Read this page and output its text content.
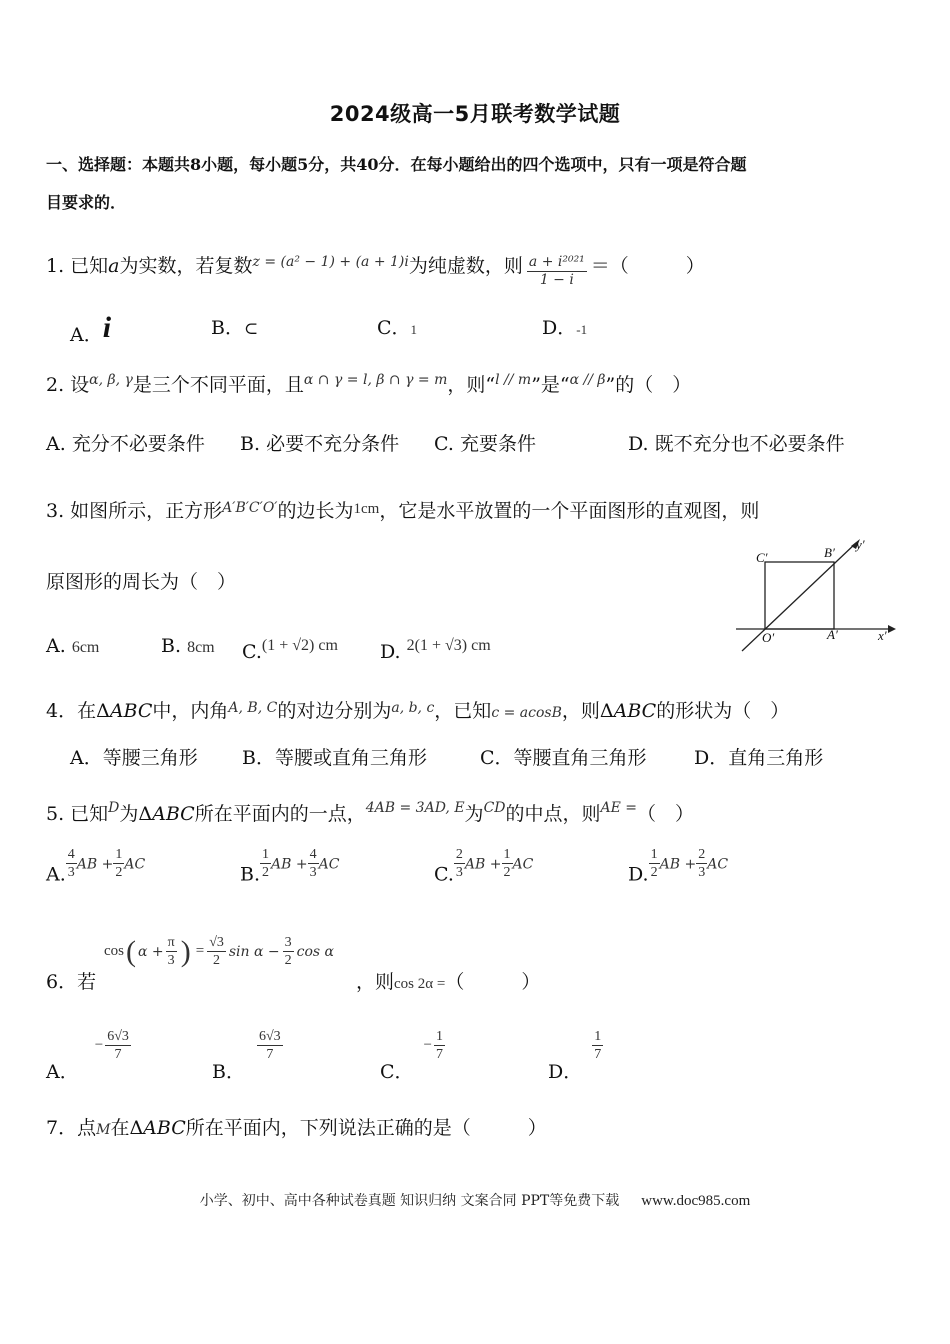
2024级高一5月联考数学试题
一、选择题：本题共8小题，每小题5分，共40分．在每小题给出的四个选项中，只有一项是符合题
目要求的．
1. 已知a为实数，若复数$^{z = (a^2 - 1) + (a + 1)i}$为纯虚数，则 $\frac{\text{a + i²⁰²¹}}{1 - i}$ ＝（　　　）
A．i	B．⊂	C．1	D．-1
2. 设$^{\alpha, \beta, \gamma}$是三个不同平面，且$^{\alpha \cap \gamma = l, \beta \cap \gamma = m}$，则“$^{l // m}$”是“$^{\alpha // \beta}$”的（　）
A. 充分不必要条件 B. 必要不充分条件 C. 充要条件	D. 既不充分也不必要条件
3. 如图所示，正方形$^{A'B'C'O'}$的边长为$^{1cm}$，它是水平放置的一个平面图形的直观图，则
原图形的周长为（　）
A. 6cm	B. 8cm C.$^{(1 + √2) cm}$ D. $^{2(1 + √3) cm}$
C′	B′
y′
O′	A′	x′
4．在ΔABC中，内角$^{A, B, C}$的对边分别为$^{a, b, c}$，已知c = acosB，则ΔABC的形状为（　）
A．等腰三角形 B．等腰或直角三角形	C．等腰直角三角形 D．直角三角形
5. 已知$^D$为ΔABC所在平面内的一点，$^{4AB = 3AD, E}$为$^{CD}$的中点，则$^{AE =}$（　）
A. $\frac{4}{3}$ AB + $\frac{1}{2}$ AC	B. $\frac{1}{2}$ AB + $\frac{4}{3}$ AC	C. $\frac{2}{3}$ AB + $\frac{1}{2}$ AC	D. $\frac{1}{2}$ AB + $\frac{2}{3}$ AC
6．若
cos ( $\alpha + \frac{\pi}{3}$ ) = $\frac{√3}{2}$ $\sin \alpha - \frac{3}{2}$ cos α
，则cos 2α =（　　　）
A．
− $\frac{6√3}{7}$
B．
$\frac{6√3}{7}$
C．
− $\frac{1}{7}$
D．
$\frac{1}{7}$
7．点M在ΔABC所在平面内，下列说法正确的是（　　　）
小学、初中、高中各种试卷真题 知识归纳 文案合同 PPT等免费下载 www.doc985.com
